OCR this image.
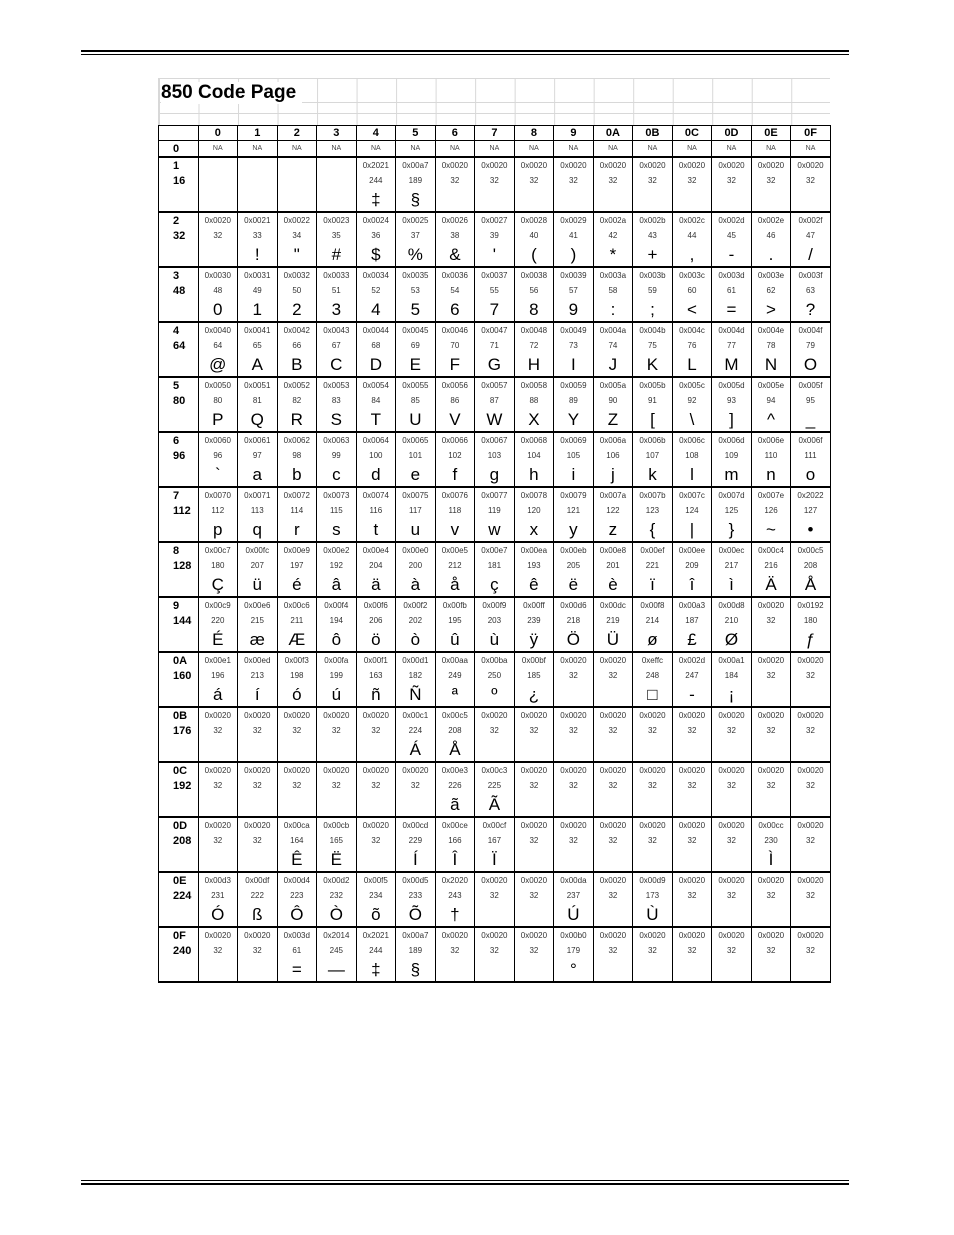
850 Code Page
	0	1	2	3	4	5	6	7	8	9	0A	0B	0C	0D	0E	0F
0	NA	NA	NA	NA	NA	NA	NA	NA	NA	NA	NA	NA	NA	NA	NA	NA
1					0x2021	0x00a7	0x0020	0x0020	0x0020	0x0020	0x0020	0x0020	0x0020	0x0020	0x0020	0x0020
16					244	189	32	32	32	32	32	32	32	32	32	32
					‡	§										
2	0x0020	0x0021	0x0022	0x0023	0x0024	0x0025	0x0026	0x0027	0x0028	0x0029	0x002a	0x002b	0x002c	0x002d	0x002e	0x002f
32	32	33	34	35	36	37	38	39	40	41	42	43	44	45	46	47
		!	"	#	$	%	&	'	(	)	*	+	,	-	.	/
3	0x0030	0x0031	0x0032	0x0033	0x0034	0x0035	0x0036	0x0037	0x0038	0x0039	0x003a	0x003b	0x003c	0x003d	0x003e	0x003f
48	48	49	50	51	52	53	54	55	56	57	58	59	60	61	62	63
	0	1	2	3	4	5	6	7	8	9	:	;	<	=	>	?
4	0x0040	0x0041	0x0042	0x0043	0x0044	0x0045	0x0046	0x0047	0x0048	0x0049	0x004a	0x004b	0x004c	0x004d	0x004e	0x004f
64	64	65	66	67	68	69	70	71	72	73	74	75	76	77	78	79
	@	A	B	C	D	E	F	G	H	I	J	K	L	M	N	O
5	0x0050	0x0051	0x0052	0x0053	0x0054	0x0055	0x0056	0x0057	0x0058	0x0059	0x005a	0x005b	0x005c	0x005d	0x005e	0x005f
80	80	81	82	83	84	85	86	87	88	89	90	91	92	93	94	95
	P	Q	R	S	T	U	V	W	X	Y	Z	[	\	]	^	_
6	0x0060	0x0061	0x0062	0x0063	0x0064	0x0065	0x0066	0x0067	0x0068	0x0069	0x006a	0x006b	0x006c	0x006d	0x006e	0x006f
96	96	97	98	99	100	101	102	103	104	105	106	107	108	109	110	111
	`	a	b	c	d	e	f	g	h	i	j	k	l	m	n	o
7	0x0070	0x0071	0x0072	0x0073	0x0074	0x0075	0x0076	0x0077	0x0078	0x0079	0x007a	0x007b	0x007c	0x007d	0x007e	0x2022
112	112	113	114	115	116	117	118	119	120	121	122	123	124	125	126	127
	p	q	r	s	t	u	v	w	x	y	z	{	|	}	~	•
8	0x00c7	0x00fc	0x00e9	0x00e2	0x00e4	0x00e0	0x00e5	0x00e7	0x00ea	0x00eb	0x00e8	0x00ef	0x00ee	0x00ec	0x00c4	0x00c5
128	180	207	197	192	204	200	212	181	193	205	201	221	209	217	216	208
	Ç	ü	é	â	ä	à	å	ç	ê	ë	è	ï	î	ì	Ä	Å
9	0x00c9	0x00e6	0x00c6	0x00f4	0x00f6	0x00f2	0x00fb	0x00f9	0x00ff	0x00d6	0x00dc	0x00f8	0x00a3	0x00d8	0x0020	0x0192
144	220	215	211	194	206	202	195	203	239	218	219	214	187	210	32	180
	É	æ	Æ	ô	ö	ò	û	ù	ÿ	Ö	Ü	ø	£	Ø		ƒ
0A	0x00e1	0x00ed	0x00f3	0x00fa	0x00f1	0x00d1	0x00aa	0x00ba	0x00bf	0x0020	0x0020	0xeffc	0x002d	0x00a1	0x0020	0x0020
160	196	213	198	199	163	182	249	250	185	32	32	248	247	184	32	32
	á	í	ó	ú	ñ	Ñ	ª	º	¿			□	-	¡		
0B	0x0020	0x0020	0x0020	0x0020	0x0020	0x00c1	0x00c5	0x0020	0x0020	0x0020	0x0020	0x0020	0x0020	0x0020	0x0020	0x0020
176	32	32	32	32	32	224	208	32	32	32	32	32	32	32	32	32
						Á	Å									
0C	0x0020	0x0020	0x0020	0x0020	0x0020	0x0020	0x00e3	0x00c3	0x0020	0x0020	0x0020	0x0020	0x0020	0x0020	0x0020	0x0020
192	32	32	32	32	32	32	226	225	32	32	32	32	32	32	32	32
							ã	Ã								
0D	0x0020	0x0020	0x00ca	0x00cb	0x0020	0x00cd	0x00ce	0x00cf	0x0020	0x0020	0x0020	0x0020	0x0020	0x0020	0x00cc	0x0020
208	32	32	164	165	32	229	166	167	32	32	32	32	32	32	230	32
			Ê	Ë		Í	Î	Ï							Ì	
0E	0x00d3	0x00df	0x00d4	0x00d2	0x00f5	0x00d5	0x2020	0x0020	0x0020	0x00da	0x0020	0x00d9	0x0020	0x0020	0x0020	0x0020
224	231	222	223	232	234	233	243	32	32	237	32	173	32	32	32	32
	Ó	ß	Ô	Ò	õ	Õ	†			Ú		Ù				
0F	0x0020	0x0020	0x003d	0x2014	0x2021	0x00a7	0x0020	0x0020	0x0020	0x00b0	0x0020	0x0020	0x0020	0x0020	0x0020	0x0020
240	32	32	61	245	244	189	32	32	32	179	32	32	32	32	32	32
			=	—	‡	§				°						
